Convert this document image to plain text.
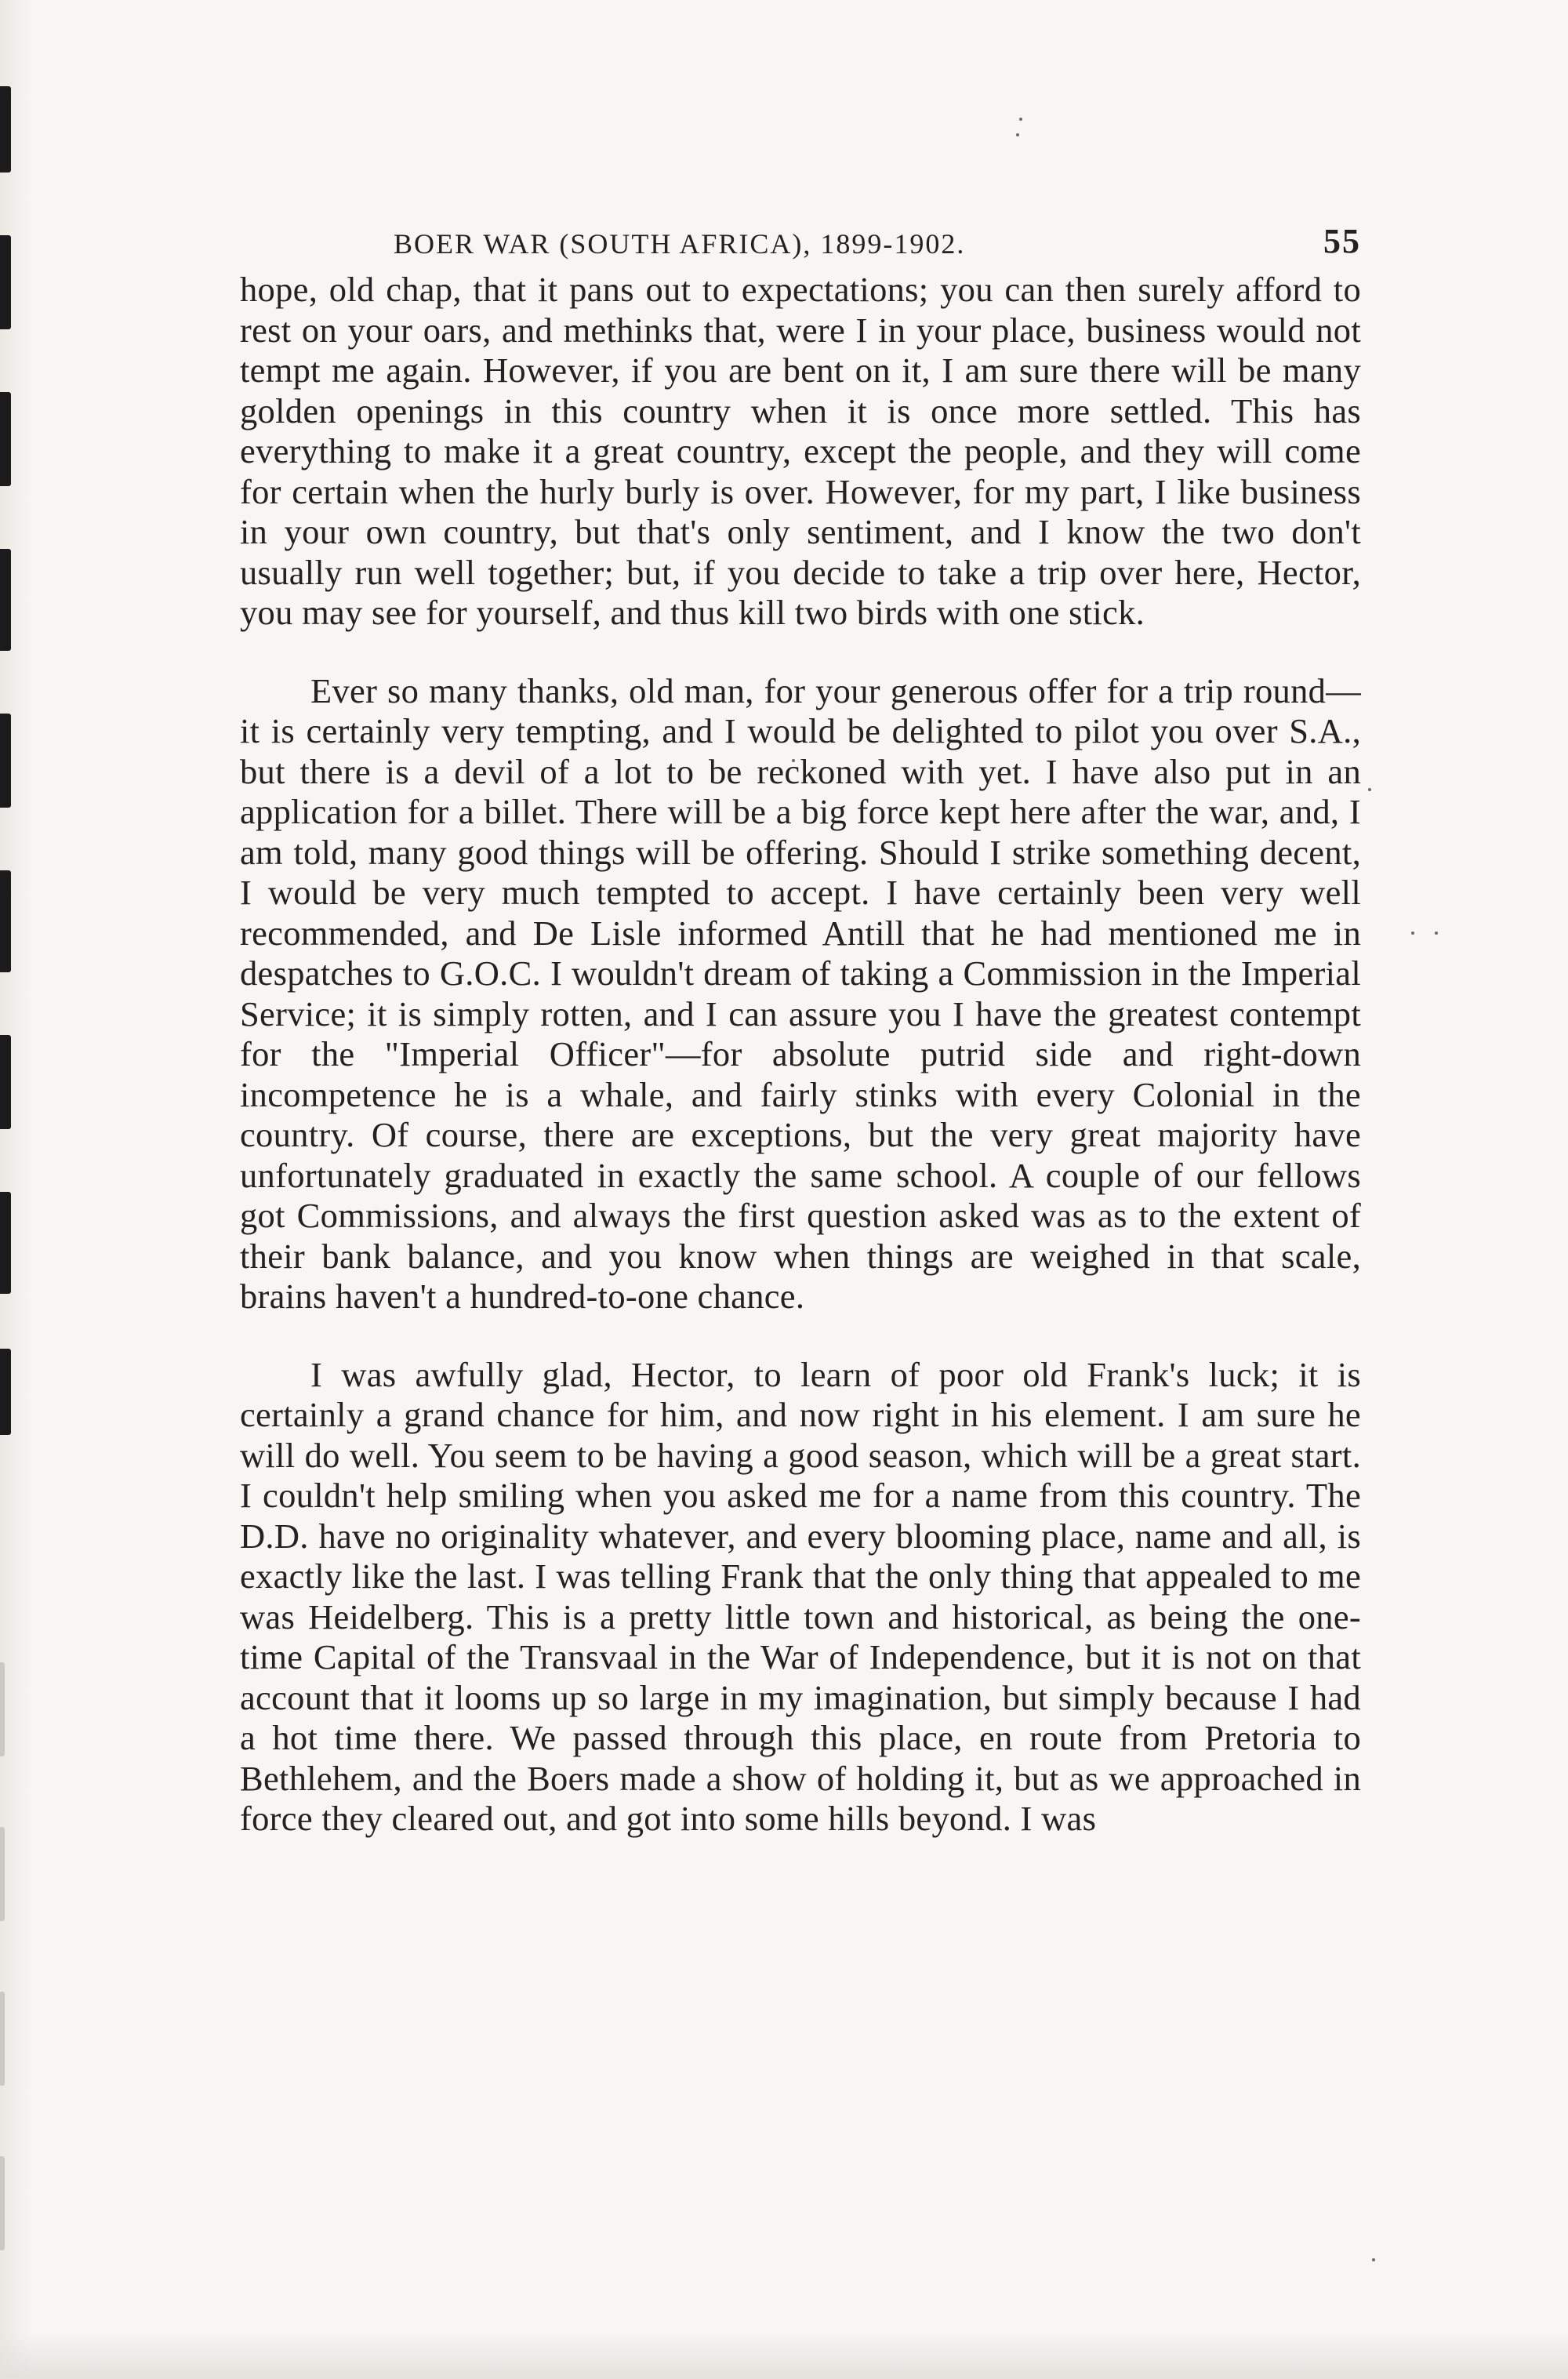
BOER WAR (SOUTH AFRICA), 1899-1902.	55

hope, old chap, that it pans out to expectations; you can then surely afford to rest on your oars, and methinks that, were I in your place, business would not tempt me again. However, if you are bent on it, I am sure there will be many golden openings in this country when it is once more settled. This has everything to make it a great country, except the people, and they will come for certain when the hurly burly is over. However, for my part, I like business in your own country, but that's only sentiment, and I know the two don't usually run well together; but, if you decide to take a trip over here, Hector, you may see for yourself, and thus kill two birds with one stick.

Ever so many thanks, old man, for your generous offer for a trip round—it is certainly very tempting, and I would be delighted to pilot you over S.A., but there is a devil of a lot to be reckoned with yet. I have also put in an application for a billet. There will be a big force kept here after the war, and, I am told, many good things will be offering. Should I strike something decent, I would be very much tempted to accept. I have certainly been very well recommended, and De Lisle informed Antill that he had mentioned me in despatches to G.O.C. I wouldn't dream of taking a Commission in the Imperial Service; it is simply rotten, and I can assure you I have the greatest contempt for the "Imperial Officer"—for absolute putrid side and right-down incompetence he is a whale, and fairly stinks with every Colonial in the country. Of course, there are exceptions, but the very great majority have unfortunately graduated in exactly the same school. A couple of our fellows got Commissions, and always the first question asked was as to the extent of their bank balance, and you know when things are weighed in that scale, brains haven't a hundred-to-one chance.

I was awfully glad, Hector, to learn of poor old Frank's luck; it is certainly a grand chance for him, and now right in his element. I am sure he will do well. You seem to be having a good season, which will be a great start. I couldn't help smiling when you asked me for a name from this country. The D.D. have no originality whatever, and every blooming place, name and all, is exactly like the last. I was telling Frank that the only thing that appealed to me was Heidelberg. This is a pretty little town and historical, as being the one-time Capital of the Transvaal in the War of Independence, but it is not on that account that it looms up so large in my imagination, but simply because I had a hot time there. We passed through this place, en route from Pretoria to Bethlehem, and the Boers made a show of holding it, but as we approached in force they cleared out, and got into some hills beyond. I was
